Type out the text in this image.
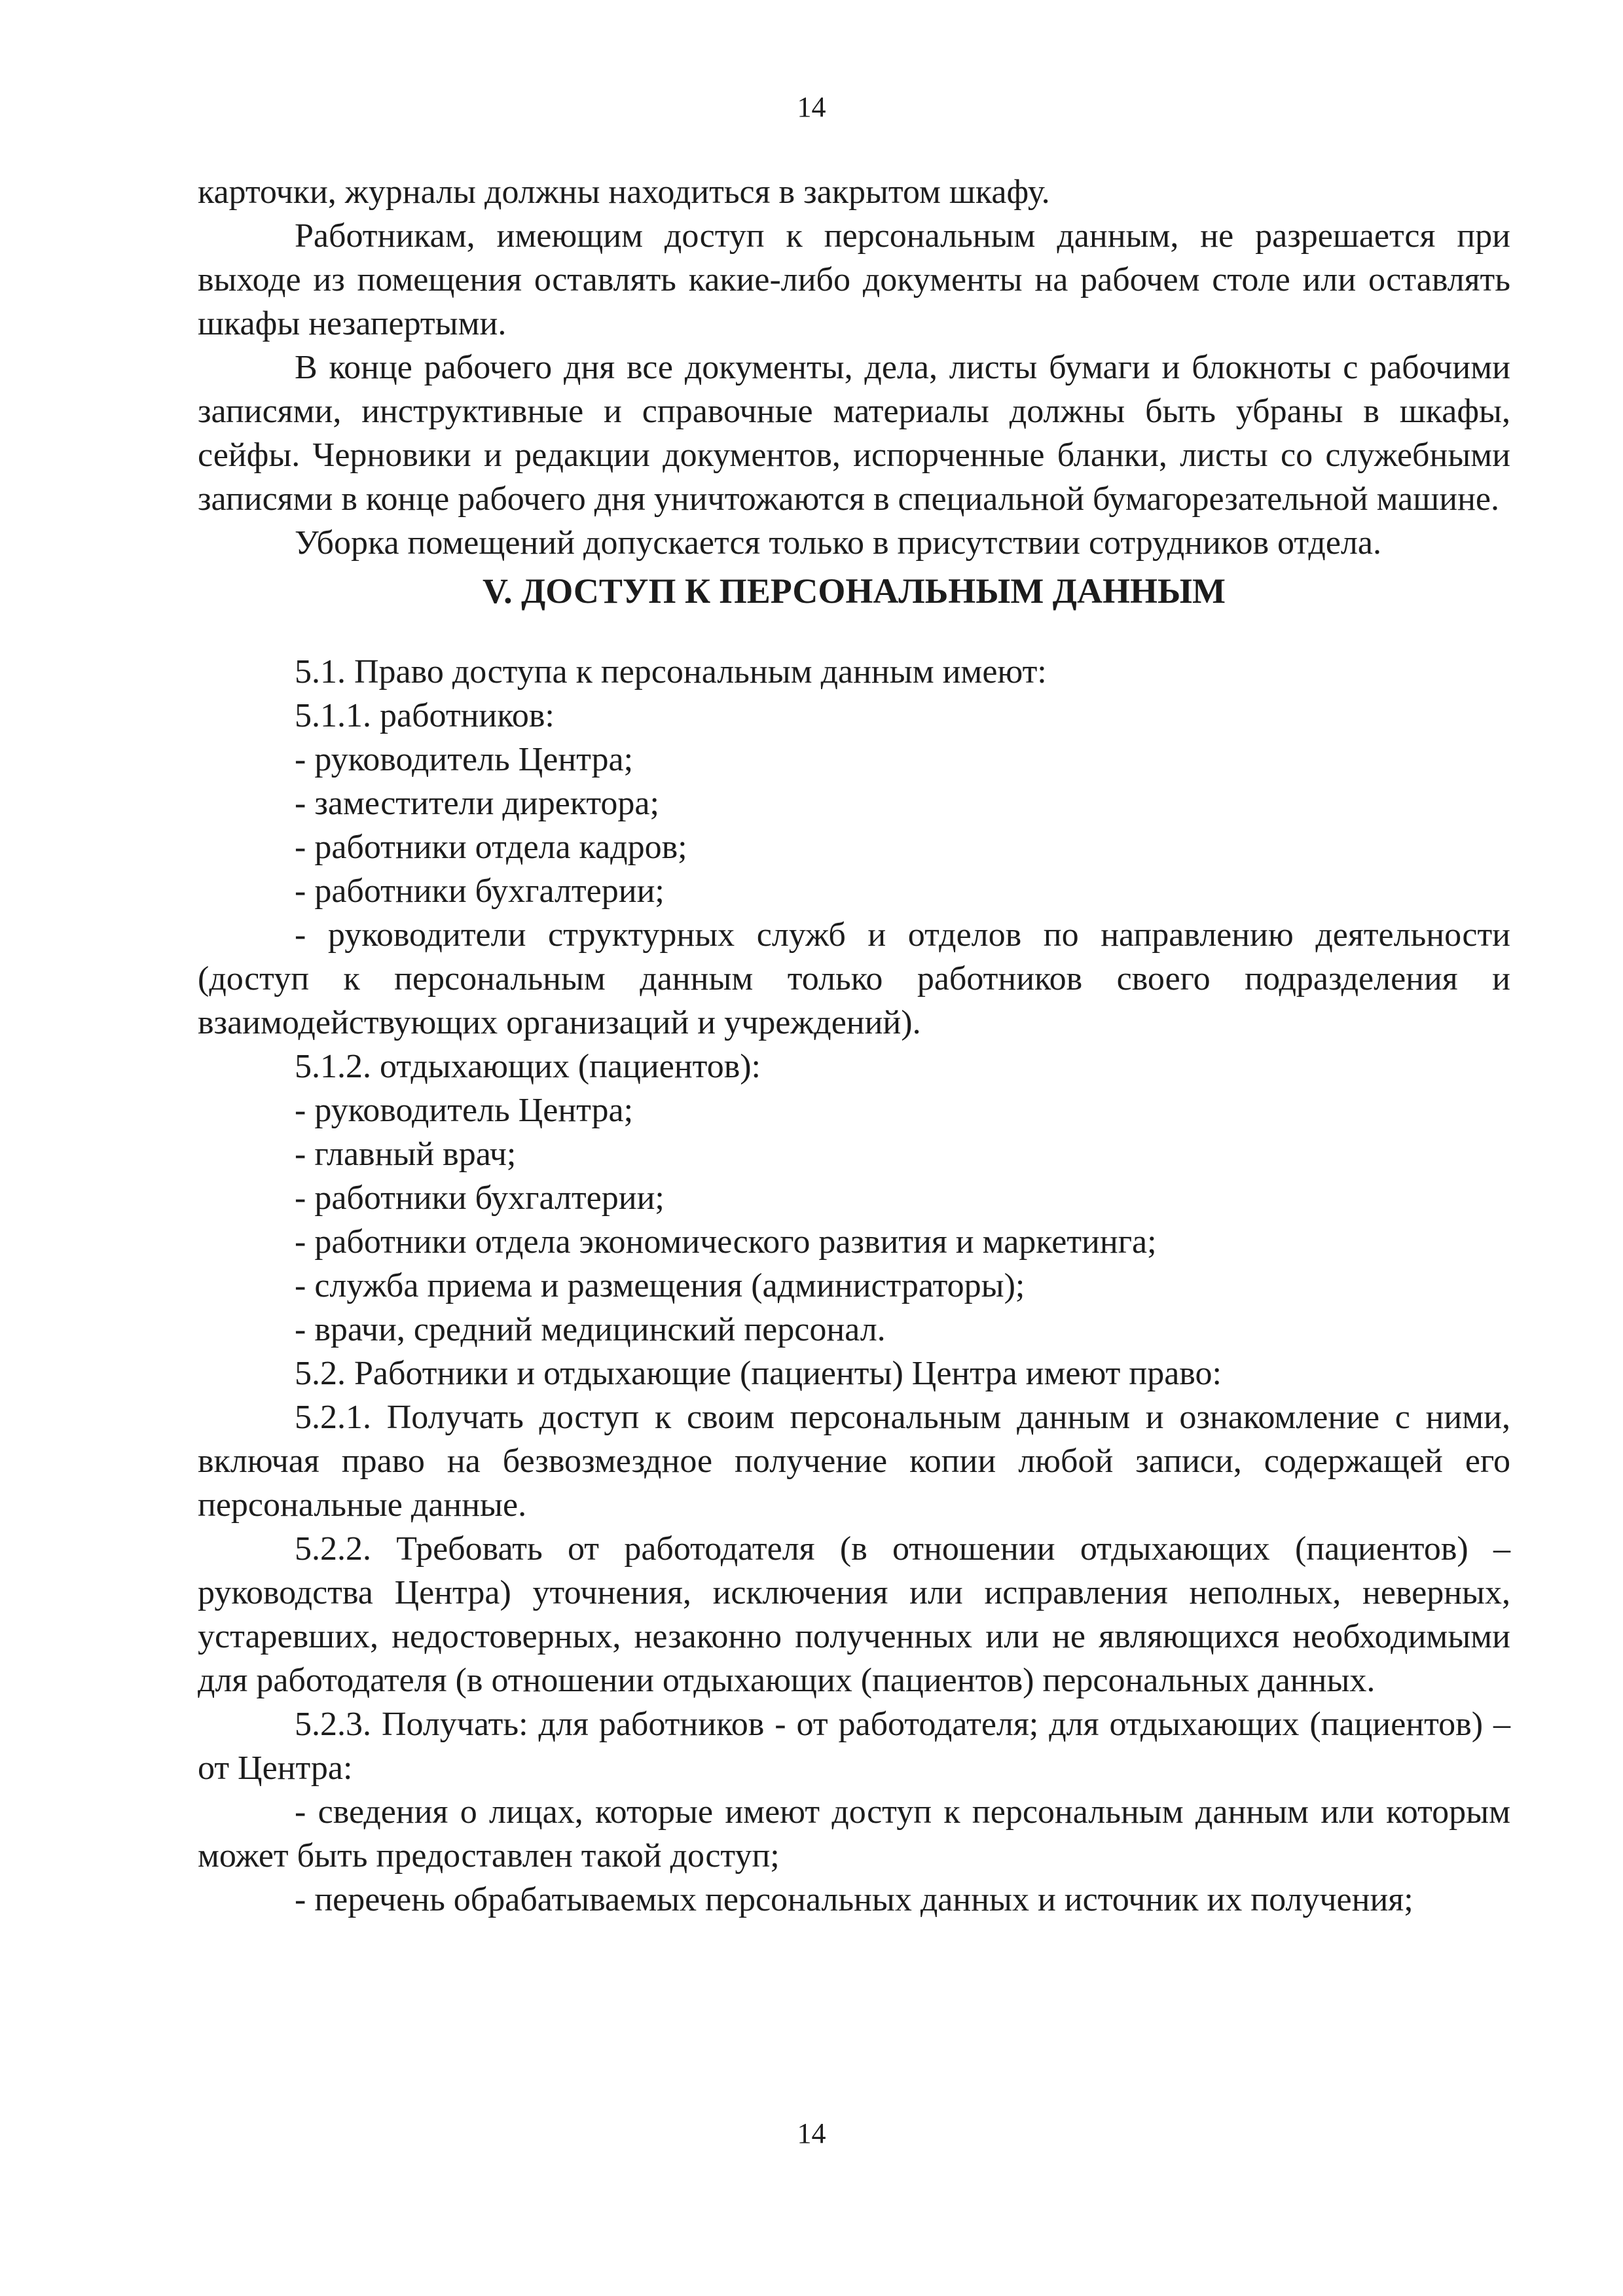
14

карточки, журналы должны находиться в закрытом шкафу.

Работникам, имеющим доступ к персональным данным, не разрешается при выходе из помещения оставлять какие-либо документы на рабочем столе или оставлять шкафы незапертыми.

В конце рабочего дня все документы, дела, листы бумаги и блокноты с рабочими записями, инструктивные и справочные материалы должны быть убраны в шкафы, сейфы. Черновики и редакции документов, испорченные бланки, листы со служебными записями в конце рабочего дня уничтожаются в специальной бумагорезательной машине.

Уборка помещений допускается только в присутствии сотрудников отдела.

V. ДОСТУП К ПЕРСОНАЛЬНЫМ ДАННЫМ

5.1. Право доступа к персональным данным имеют:

5.1.1. работников:

- руководитель Центра;

- заместители директора;

- работники отдела кадров;

- работники бухгалтерии;

- руководители структурных служб и отделов по направлению деятельности (доступ к персональным данным только работников своего подразделения и взаимодействующих организаций и учреждений).

5.1.2. отдыхающих (пациентов):

- руководитель Центра;

- главный врач;

- работники бухгалтерии;

- работники отдела экономического развития и маркетинга;

- служба приема и размещения (администраторы);

- врачи, средний медицинский персонал.

5.2. Работники и отдыхающие (пациенты) Центра имеют право:

5.2.1. Получать доступ к своим персональным данным и ознакомление с ними, включая право на безвозмездное получение копии любой записи, содержащей его персональные данные.

5.2.2. Требовать от работодателя (в отношении отдыхающих (пациентов) – руководства Центра) уточнения, исключения или исправления неполных, неверных, устаревших, недостоверных, незаконно полученных или не являющихся необходимыми для работодателя (в отношении отдыхающих (пациентов) персональных данных.

5.2.3. Получать: для работников - от работодателя; для отдыхающих (пациентов) – от Центра:

- сведения о лицах, которые имеют доступ к персональным данным или которым может быть предоставлен такой доступ;

- перечень обрабатываемых персональных данных и источник их получения;

14
